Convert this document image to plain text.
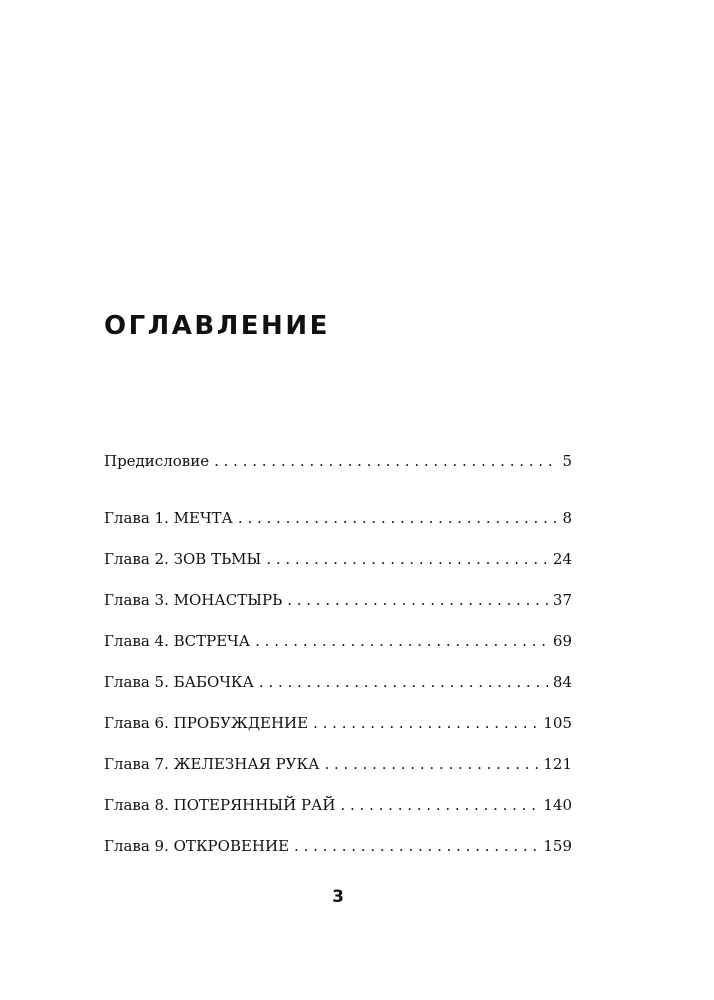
ОГЛАВЛЕНИЕ
Предисловие . . .	5
Глава 1. МЕЧТА . . .	8
Глава 2. ЗОВ ТЬМЫ . . .	24
Глава 3. МОНАСТЫРЬ . . .	37
Глава 4. ВСТРЕЧА . . .	69
Глава 5. БАБОЧКА . . .	84
Глава 6. ПРОБУЖДЕНИЕ . . .	105
Глава 7. ЖЕЛЕЗНАЯ РУКА . . .	121
Глава 8. ПОТЕРЯННЫЙ РАЙ . . .	140
Глава 9. ОТКРОВЕНИЕ . . .	159
3
